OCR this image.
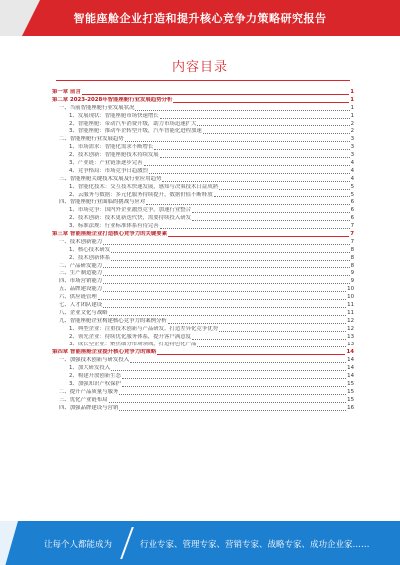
智能座舱企业打造和提升核心竞争力策略研究报告
内容目录
第一章 前言	1
第二章 2023-2028年智能座舱行业发展趋势分析	1
一、当前智能座舱行业发展状况	1
1、发展现状：智能座舱市场快速增长	1
2、智能座舱：带动汽车消费升级，助力市场迅速扩大	2
3、智能座舱：推动车企转型升级，汽车智能化进程加速	2
二、智能座舱行业发展趋势	3
1、市场需求：智能化需求不断增长	3
2、技术创新：智能座舱技术持续发展	3
3、产业链：产业链条逐步完善	4
4、竞争格局：市场竞争日趋激烈	4
三、智能座舱关键技术发展及行业应用趋势	4
1、智能化技术：交互技术快速发展，感知与决策技术日益成熟	5
2、云服务与数据：多元化服务持续提升，数据价值不断释放	5
四、智能座舱行业面临的挑战与应对	6
1、市场竞争：国内外企业激烈竞争，加速行业整合	6
2、技术创新：技术更新迭代快，需要持续投入研发	6
3、标准法规：行业标准体系有待完善	7
第三章 智能座舱企业打造核心竞争力的关键要素	7
一、技术创新能力	7
1、核心技术研发	8
2、技术创新体系	8
二、产品研发能力	8
三、生产制造能力	9
四、市场营销能力	9
五、品牌建设能力	10
六、供应链管理	10
七、人才团队建设	11
八、企业文化与战略	11
九、智能座舱企业构建核心竞争力的案例分析	12
1、典型企业：注重技术创新与产品研发，打造差异化竞争优势	12
2、领先企业：持续优化服务体系，提升客户满意度	13
3、成长型企业：聚焦细分市场领域，打造特色化产品	13
第四章 智能座舱企业提升核心竞争力的策略	14
一、加强技术创新与研发投入	14
1、加大研发投入	14
2、构建开放创新生态	14
3、加强知识产权保护	15
二、提升产品质量与服务	15
三、优化产业链布局	15
四、加强品牌建设与营销	16
让每个人都能成为	行业专家、管理专家、营销专家、战略专家、成功企业家……
